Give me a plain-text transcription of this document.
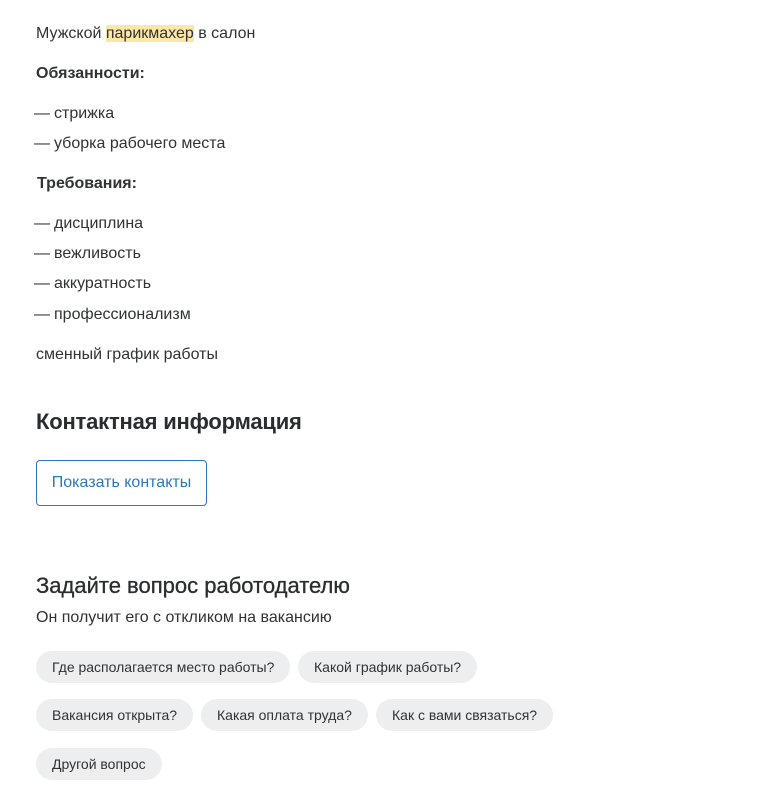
Мужской парикмахер в салон
Обязанности:
— стрижка
— уборка рабочего места
Требования:
— дисциплина
— вежливость
— аккуратность
— профессионализм
сменный график работы
Контактная информация
Показать контакты
Задайте вопрос работодателю
Он получит его с откликом на вакансию
Где располагается место работы?	Какой график работы?
Вакансия открыта?	Какая оплата труда?	Как с вами связаться?
Другой вопрос
